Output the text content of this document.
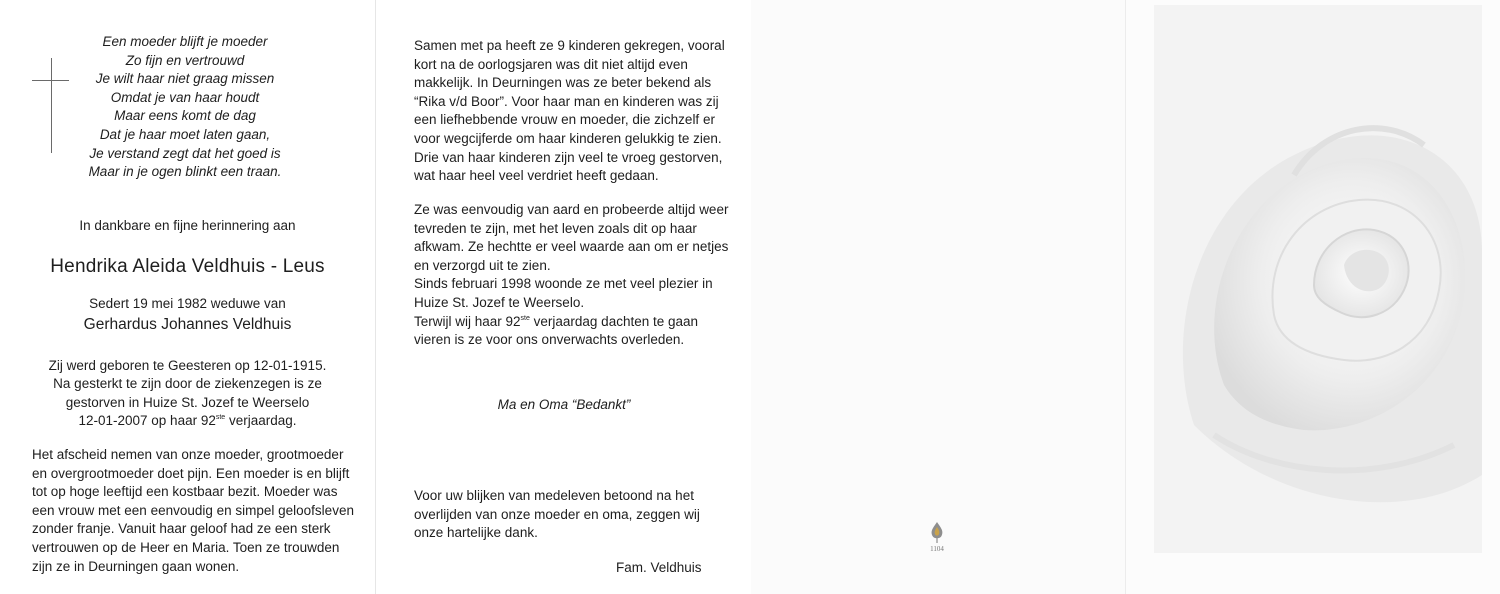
Een moeder blijft je moeder
Zo fijn en vertrouwd
Je wilt haar niet graag missen
Omdat je van haar houdt
Maar eens komt de dag
Dat je haar moet laten gaan,
Je verstand zegt dat het goed is
Maar in je ogen blinkt een traan.
In dankbare en fijne herinnering aan
Hendrika Aleida Veldhuis - Leus
Sedert 19 mei 1982 weduwe van
Gerhardus Johannes Veldhuis
Zij werd geboren te Geesteren op 12-01-1915.
Na gesterkt te zijn door de ziekenzegen is ze
gestorven in Huize St. Jozef te Weerselo
12-01-2007 op haar 92ste verjaardag.
Het afscheid nemen van onze moeder, grootmoeder
en overgrootmoeder doet pijn. Een moeder is en blijft
tot op hoge leeftijd een kostbaar bezit. Moeder was
een vrouw met een eenvoudig en simpel geloofsleven
zonder franje. Vanuit haar geloof had ze een sterk
vertrouwen op de Heer en Maria. Toen ze trouwden
zijn ze in Deurningen gaan wonen.
Samen met pa heeft ze 9 kinderen gekregen, vooral
kort na de oorlogsjaren was dit niet altijd even
makkelijk. In Deurningen was ze beter bekend als
“Rika v/d Boor”. Voor haar man en kinderen was zij
een liefhebbende vrouw en moeder, die zichzelf er
voor wegcijferde om haar kinderen gelukkig te zien.
Drie van haar kinderen zijn veel te vroeg gestorven,
wat haar heel veel verdriet heeft gedaan.
Ze was eenvoudig van aard en probeerde altijd weer
tevreden te zijn, met het leven zoals dit op haar
afkwam. Ze hechtte er veel waarde aan om er netjes
en verzorgd uit te zien.
Sinds februari 1998 woonde ze met veel plezier in
Huize St. Jozef te Weerselo.
Terwijl wij haar 92ste verjaardag dachten te gaan
vieren is ze voor ons onverwachts overleden.
Ma en Oma “Bedankt”
Voor uw blijken van medeleven betoond na het
overlijden van onze moeder en oma, zeggen wij
onze hartelijke dank.
Fam. Veldhuis
1104
